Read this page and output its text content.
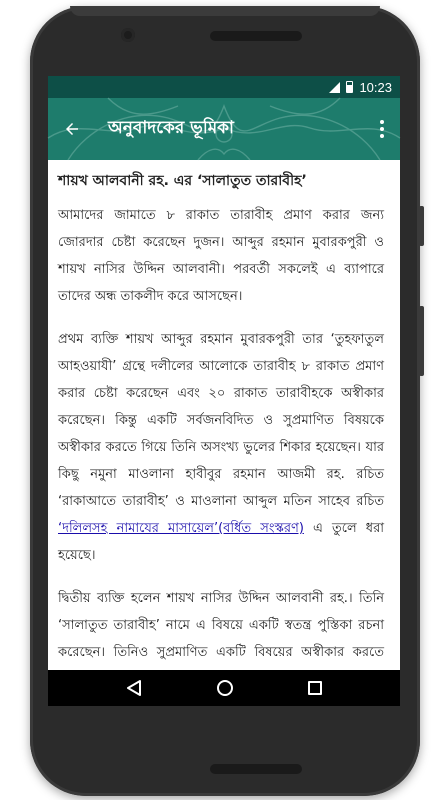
10:23
অনুবাদকের ভূমিকা
শায়খ আলবানী রহ. এর ‘সালাতুত তারাবীহ’

আমাদের জামাতে ৮ রাকাত তারাবীহ প্রমাণ করার জন্য জোরদার চেষ্টা করেছেন দুজন। আব্দুর রহমান মুবারকপুরী ও শায়খ নাসির উদ্দিন আলবানী। পরবর্তী সকলেই এ ব্যাপারে তাদের অন্ধ তাকলীদ করে আসছেন।

প্রথম ব্যক্তি শায়খ আব্দুর রহমান মুবারকপুরী তার ‘তুহফাতুল আহওয়াযী’ গ্রন্থে দলীলের আলোকে তারাবীহ ৮ রাকাত প্রমাণ করার চেষ্টা করেছেন এবং ২০ রাকাত তারাবীহকে অস্বীকার করেছেন। কিন্তু একটি সর্বজনবিদিত ও সুপ্রমাণিত বিষয়কে অস্বীকার করতে গিয়ে তিনি অসংখ্য ভুলের শিকার হয়েছেন। যার কিছু নমুনা মাওলানা হাবীবুর রহমান আজমী রহ. রচিত ‘রাকাআতে তারাবীহ’ ও মাওলানা আব্দুল মতিন সাহেব রচিত ‘দলিলসহ নামাযের মাসায়েল’(বর্ধিত সংস্করণ) এ তুলে ধরা হয়েছে।

দ্বিতীয় ব্যক্তি হলেন শায়খ নাসির উদ্দিন আলবানী রহ.। তিনি ‘সালাতুত তারাবীহ’ নামে এ বিষয়ে একটি স্বতন্ত্র পুস্তিকা রচনা করেছেন। তিনিও সুপ্রমাণিত একটি বিষয়ের অস্বীকার করতে
